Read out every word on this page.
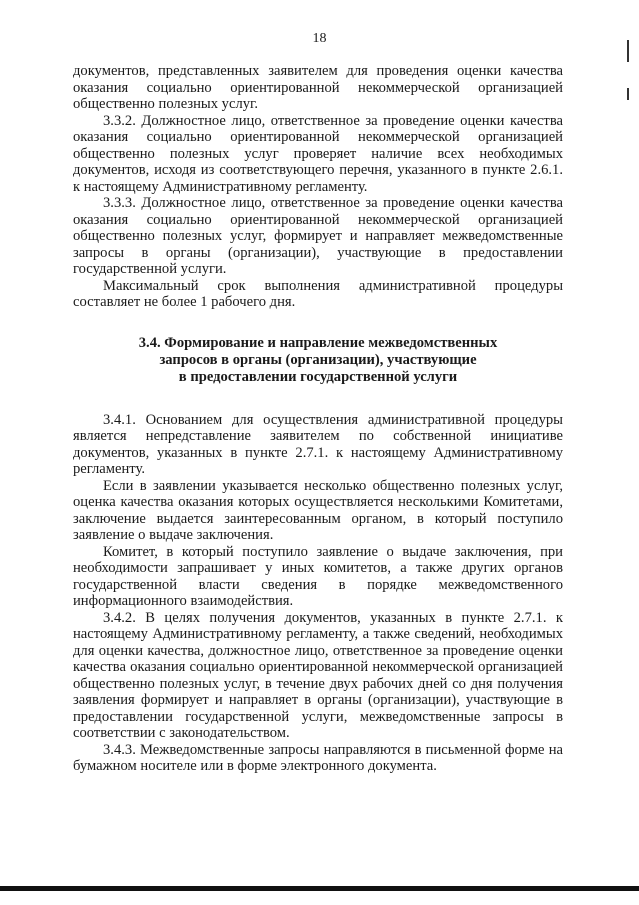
18

документов, представленных заявителем для проведения оценки качества оказания социально ориентированной некоммерческой организацией общественно полезных услуг.

3.3.2. Должностное лицо, ответственное за проведение оценки качества оказания социально ориентированной некоммерческой организацией общественно полезных услуг проверяет наличие всех необходимых документов, исходя из соответствующего перечня, указанного в пункте 2.6.1. к настоящему Административному регламенту.

3.3.3. Должностное лицо, ответственное за проведение оценки качества оказания социально ориентированной некоммерческой организацией общественно полезных услуг, формирует и направляет межведомственные запросы в органы (организации), участвующие в предоставлении государственной услуги.

Максимальный срок выполнения административной процедуры составляет не более 1 рабочего дня.

3.4. Формирование и направление межведомственных
запросов в органы (организации), участвующие
в предоставлении государственной услуги

3.4.1. Основанием для осуществления административной процедуры является непредставление заявителем по собственной инициативе документов, указанных в пункте 2.7.1. к настоящему Административному регламенту.

Если в заявлении указывается несколько общественно полезных услуг, оценка качества оказания которых осуществляется несколькими Комитетами, заключение выдается заинтересованным органом, в который поступило заявление о выдаче заключения.

Комитет, в который поступило заявление о выдаче заключения, при необходимости запрашивает у иных комитетов, а также других органов государственной власти сведения в порядке межведомственного информационного взаимодействия.

3.4.2. В целях получения документов, указанных в пункте 2.7.1. к настоящему Административному регламенту, а также сведений, необходимых для оценки качества, должностное лицо, ответственное за проведение оценки качества оказания социально ориентированной некоммерческой организацией общественно полезных услуг, в течение двух рабочих дней со дня получения заявления формирует и направляет в органы (организации), участвующие в предоставлении государственной услуги, межведомственные запросы в соответствии с законодательством.

3.4.3. Межведомственные запросы направляются в письменной форме на бумажном носителе или в форме электронного документа.
